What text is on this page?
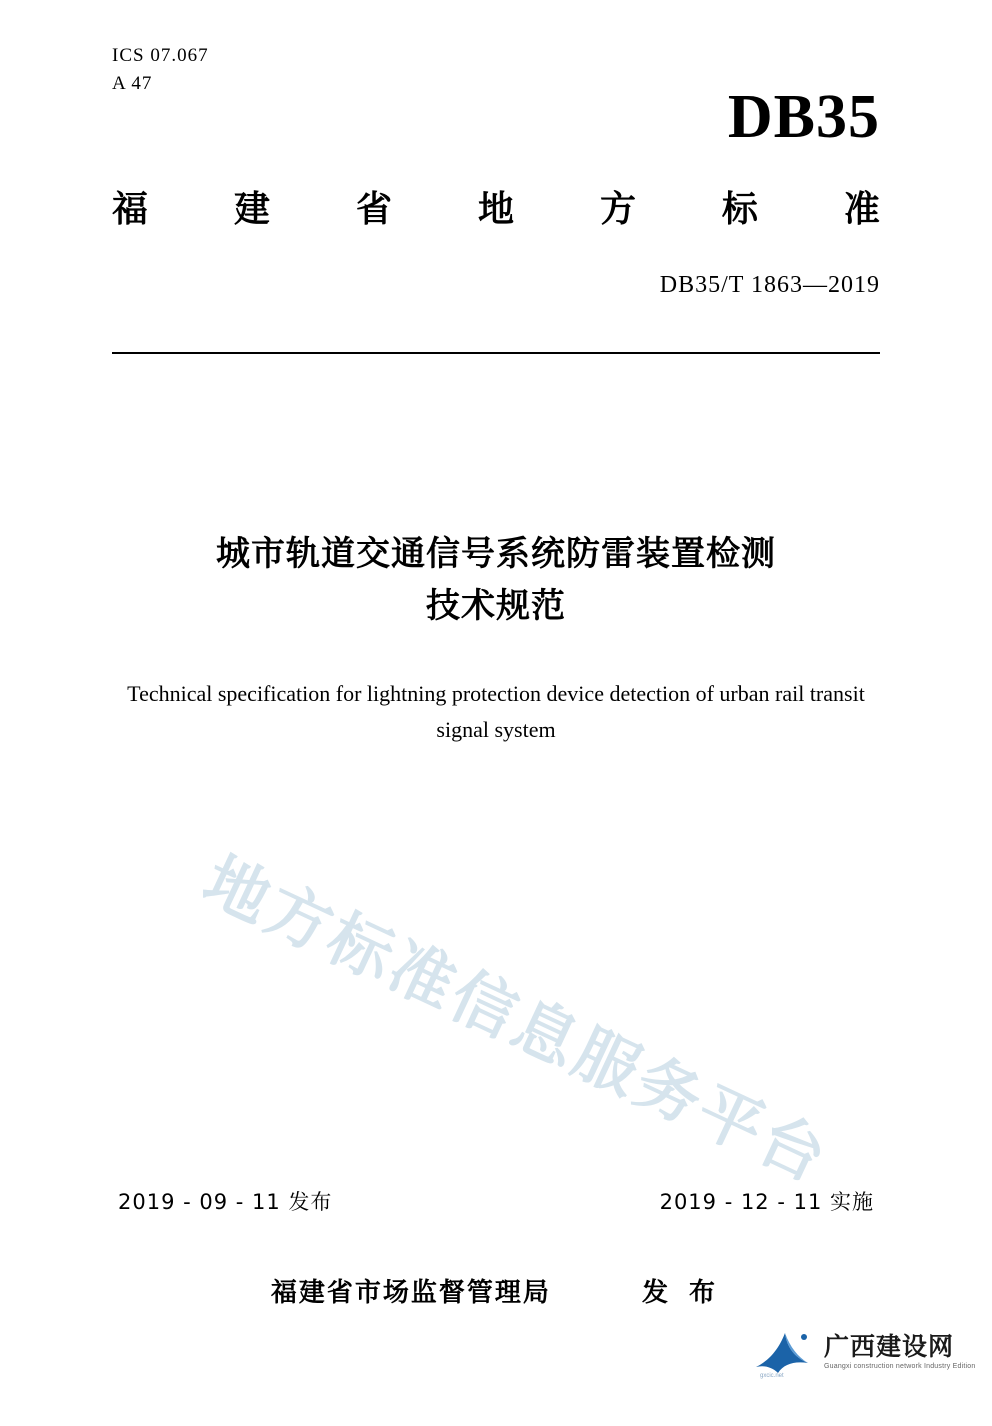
ICS 07.067
A 47	DB35
福 建 省 地 方 标 准
DB35/T 1863—2019
城市轨道交通信号系统防雷装置检测
技术规范
Technical specification for lightning protection device detection of urban rail transit
signal system
地方标准信息服务平台
2019 - 09 - 11 发布	2019 - 12 - 11 实施
福建省市场监督管理局	发 布
gxcic.net
广西建设网
Guangxi construction network Industry Edition
